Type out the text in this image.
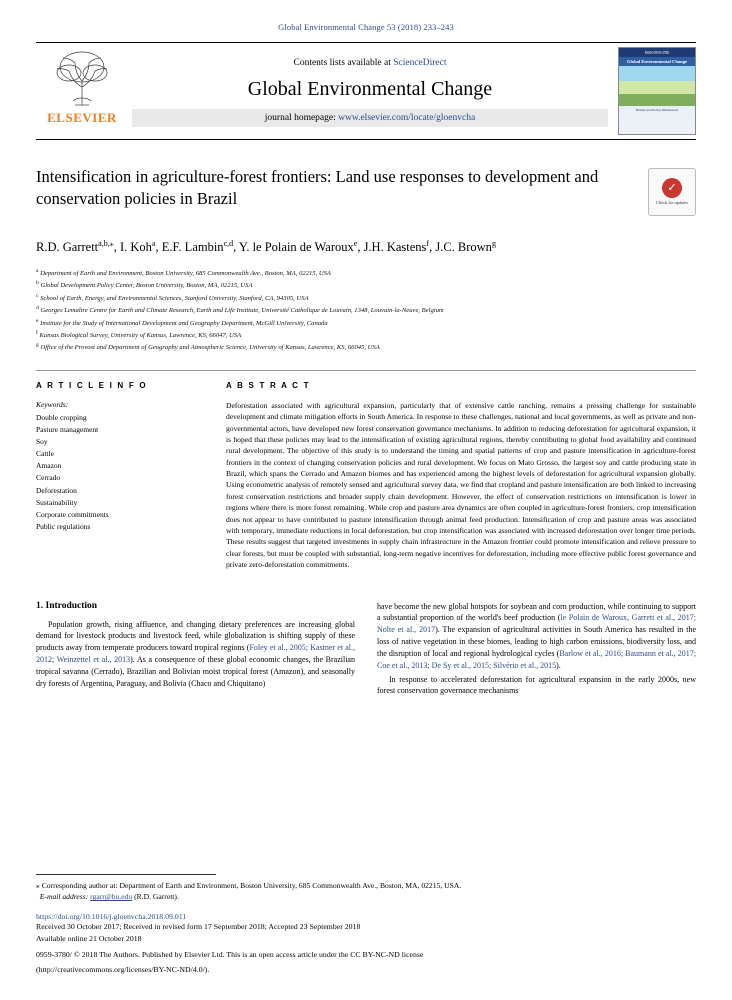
Global Environmental Change 53 (2018) 233–243
ELSEVIER
Contents lists available at ScienceDirect
Global Environmental Change
journal homepage: www.elsevier.com/locate/gloenvcha
ISSN 0959-3780
Global Environmental Change
Human and Policy Dimensions
Intensification in agriculture-forest frontiers: Land use responses to development and conservation policies in Brazil
✓
Check for updates
R.D. Garrett$^{a,b,⁎}$, I. Koh$^a$, E.F. Lambin$^{c,d}$, Y. le Polain de Waroux$^e$, J.H. Kastens$^f$, J.C. Brown$^g$
$^a$ Department of Earth and Environment, Boston University, 685 Commonwealth Ave., Boston, MA, 02215, USA
$^b$ Global Development Policy Center, Boston University, Boston, MA, 02215, USA
$^c$ School of Earth, Energy, and Environmental Sciences, Stanford University, Stanford, CA, 94305, USA
$^d$ Georges Lemaître Centre for Earth and Climate Research, Earth and Life Institute, Université Catholique de Louvain, 1348, Louvain-la-Neuve, Belgium
$^e$ Institute for the Study of International Development and Geography Department, McGill University, Canada
$^f$ Kansas Biological Survey, University of Kansas, Lawrence, KS, 66047, USA
$^g$ Office of the Provost and Department of Geography and Atmospheric Science, University of Kansas, Lawrence, KS, 66045, USA
A R T I C L E I N F O
Keywords:
Double cropping
Pasture management
Soy
Cattle
Amazon
Cerrado
Deforestation
Sustainability
Corporate commitments
Public regulations
A B S T R A C T
Deforestation associated with agricultural expansion, particularly that of extensive cattle ranching, remains a pressing challenge for sustainable development and climate mitigation efforts in South America. In response to these challenges, national and local governments, as well as private and non-governmental actors, have developed new forest conservation governance mechanisms. In addition to reducing deforestation for agricultural expansion, it is hoped that these policies may lead to the intensification of existing agricultural regions, thereby contributing to global food availability and continued rural development. The objective of this study is to understand the timing and spatial patterns of crop and pasture intensification in agriculture-forest frontiers in the context of changing conservation policies and rural development. We focus on Mato Grosso, the largest soy and cattle producing state in Brazil, which spans the Cerrado and Amazon biomes and has experienced among the highest levels of deforestation for agricultural expansion globally. Using econometric analysis of remotely sensed and agricultural survey data, we find that cropland and pasture intensification are both linked to increasing forest conservation restrictions and broader supply chain development. However, the effect of conservation restrictions on intensification is lower in regions where there is more forest remaining. While crop and pasture area dynamics are often coupled in agriculture-forest frontiers, crop intensification does not appear to have contributed to pasture intensification through animal feed production. Intensification of crop and pasture areas was associated with temporary, immediate reductions in local deforestation, but crop intensification was associated with increased deforestation over longer time periods. These results suggest that targeted investments in supply chain infrastructure in the Amazon frontier could promote intensification and relieve pressure to clear forests, but must be coupled with substantial, long-term negative incentives for deforestation, including more effective public forest governance and private zero-deforestation commitments.
1. Introduction

Population growth, rising affluence, and changing dietary preferences are increasing global demand for livestock products and livestock feed, while globalization is shifting supply of these products away from temperate producers toward tropical regions (Foley et al., 2005; Kastner et al., 2012; Weinzettel et al., 2013). As a consequence of these global economic changes, the Brazilian tropical savanna (Cerrado), Brazilian and Bolivian moist tropical forest (Amazon), and seasonally dry forests of Argentina, Paraguay, and Bolivia (Chaco and Chiquitano)

have become the new global hotspots for soybean and corn production, while continuing to support a substantial proportion of the world's beef production (le Polain de Waroux, Garrett et al., 2017; Nolte et al., 2017). The expansion of agricultural activities in South America has resulted in the loss of native vegetation in these biomes, leading to high carbon emissions, biodiversity loss, and the disruption of local and regional hydrological cycles (Barlow et al., 2016; Baumann et al., 2017; Coe et al., 2013; De Sy et al., 2015; Silvério et al., 2015).

In response to accelerated deforestation for agricultural expansion in the early 2000s, new forest conservation governance mechanisms

⁎ Corresponding author at: Department of Earth and Environment, Boston University, 685 Commonwealth Ave., Boston, MA, 02215, USA.
E-mail address: rgarr@bu.edu (R.D. Garrett).
https://doi.org/10.1016/j.gloenvcha.2018.09.011
Received 30 October 2017; Received in revised form 17 September 2018; Accepted 23 September 2018
Available online 21 October 2018
0959-3780/ © 2018 The Authors. Published by Elsevier Ltd. This is an open access article under the CC BY-NC-ND license
(http://creativecommons.org/licenses/BY-NC-ND/4.0/).
